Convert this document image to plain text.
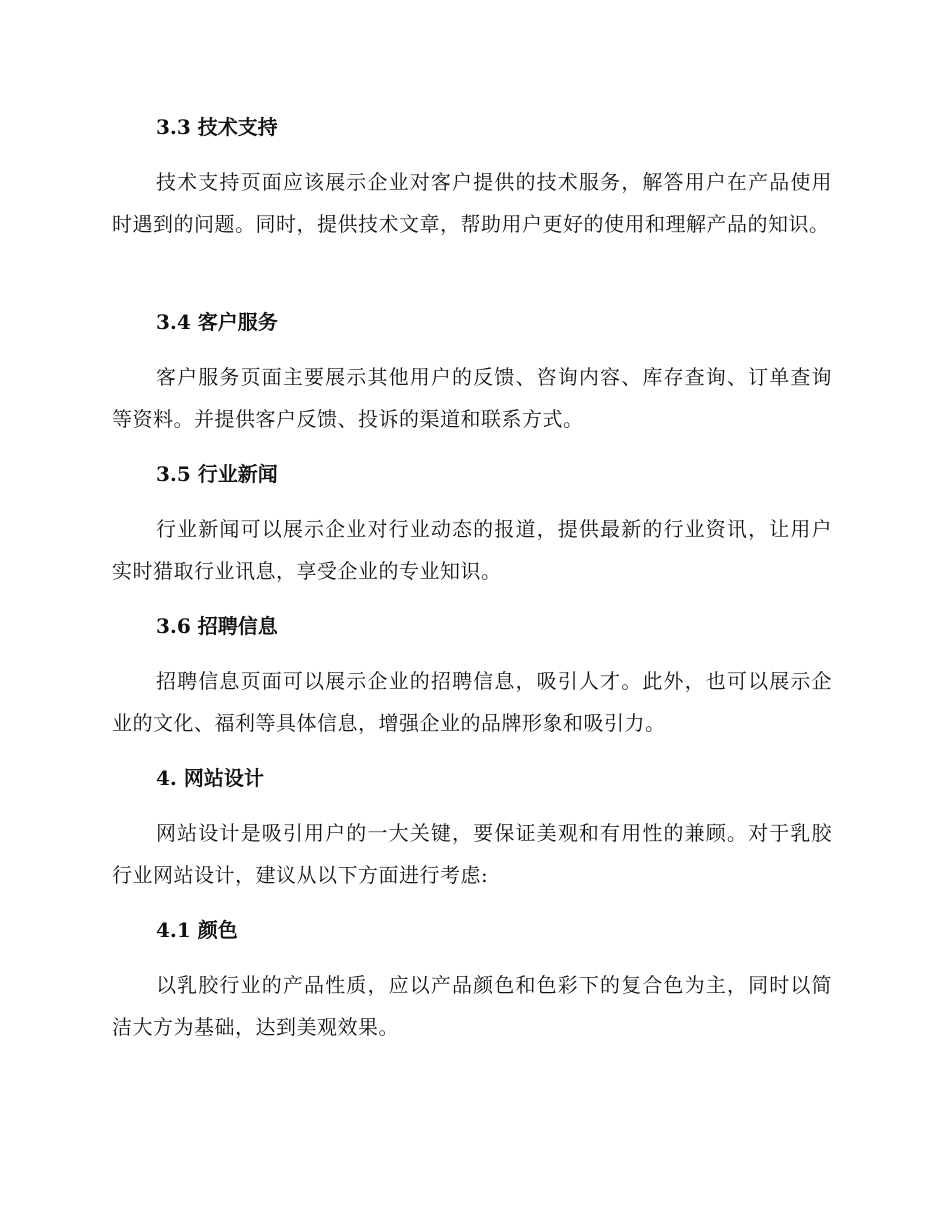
3.3 技术支持
技术支持页面应该展示企业对客户提供的技术服务，解答用户在产品使用时遇到的问题。同时，提供技术文章，帮助用户更好的使用和理解产品的知识。
3.4 客户服务
客户服务页面主要展示其他用户的反馈、咨询内容、库存查询、订单查询等资料。并提供客户反馈、投诉的渠道和联系方式。
3.5 行业新闻
行业新闻可以展示企业对行业动态的报道，提供最新的行业资讯，让用户实时猎取行业讯息，享受企业的专业知识。
3.6 招聘信息
招聘信息页面可以展示企业的招聘信息，吸引人才。此外，也可以展示企业的文化、福利等具体信息，增强企业的品牌形象和吸引力。
4. 网站设计
网站设计是吸引用户的一大关键，要保证美观和有用性的兼顾。对于乳胶行业网站设计，建议从以下方面进行考虑:
4.1 颜色
以乳胶行业的产品性质，应以产品颜色和色彩下的复合色为主，同时以简洁大方为基础，达到美观效果。
